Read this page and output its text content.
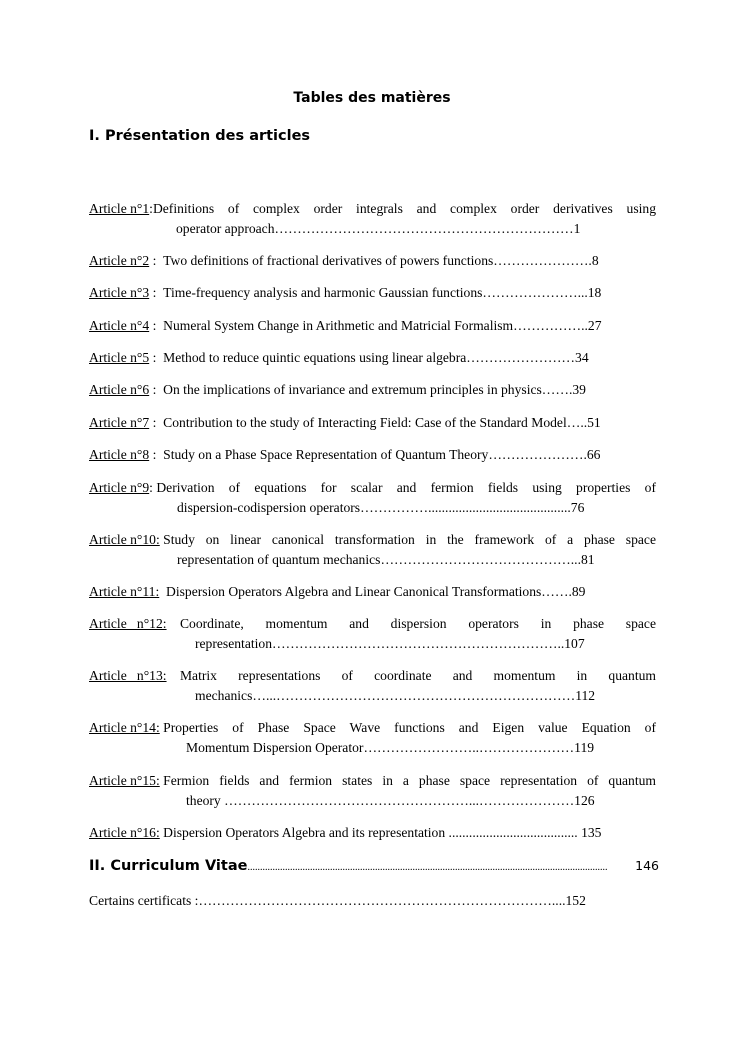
Tables des matières
I. Présentation des articles
Article n°1 : Definitions of complex order integrals and complex order derivatives using
operator approach…………………………………………………………1
Article n°2 : Two definitions of fractional derivatives of powers functions………………….8
Article n°3 : Time-frequency analysis and harmonic Gaussian functions…………………...18
Article n°4 : Numeral System Change in Arithmetic and Matricial Formalism……………..27
Article n°5 : Method to reduce quintic equations using linear algebra……………………34
Article n°6 : On the implications of invariance and extremum principles in physics…….39
Article n°7 : Contribution to the study of Interacting Field: Case of the Standard Model…..51
Article n°8 : Study on a Phase Space Representation of Quantum Theory………………….66
Article n°9 : Derivation of equations for scalar and fermion fields using properties of
dispersion-codispersion operators……………..........................................76
Article n°10:
Study on linear canonical transformation in the framework of a phase space
representation of quantum mechanics……………………………………...81
Article n°11:
Dispersion Operators Algebra and Linear Canonical Transformations…….89
Article   n°12:
Coordinate, momentum and dispersion operators in phase space
representation………………………………………………………..107
Article   n°13:
Matrix representations of coordinate and momentum in quantum
mechanics…...…………………………………………………………112
Article n°14:
Properties of Phase Space Wave functions and Eigen value Equation of
Momentum Dispersion Operator……………………..…………………119
Article n°15:
Fermion fields and fermion states in a phase space representation of quantum
theory ………………………………………………...…………………126
Article n°16:
Dispersion Operators Algebra and its representation ...................................... 135
II. Curriculum Vitae ................................................................................................................................................	146
Certains certificats :……………………………………………………………………....152
